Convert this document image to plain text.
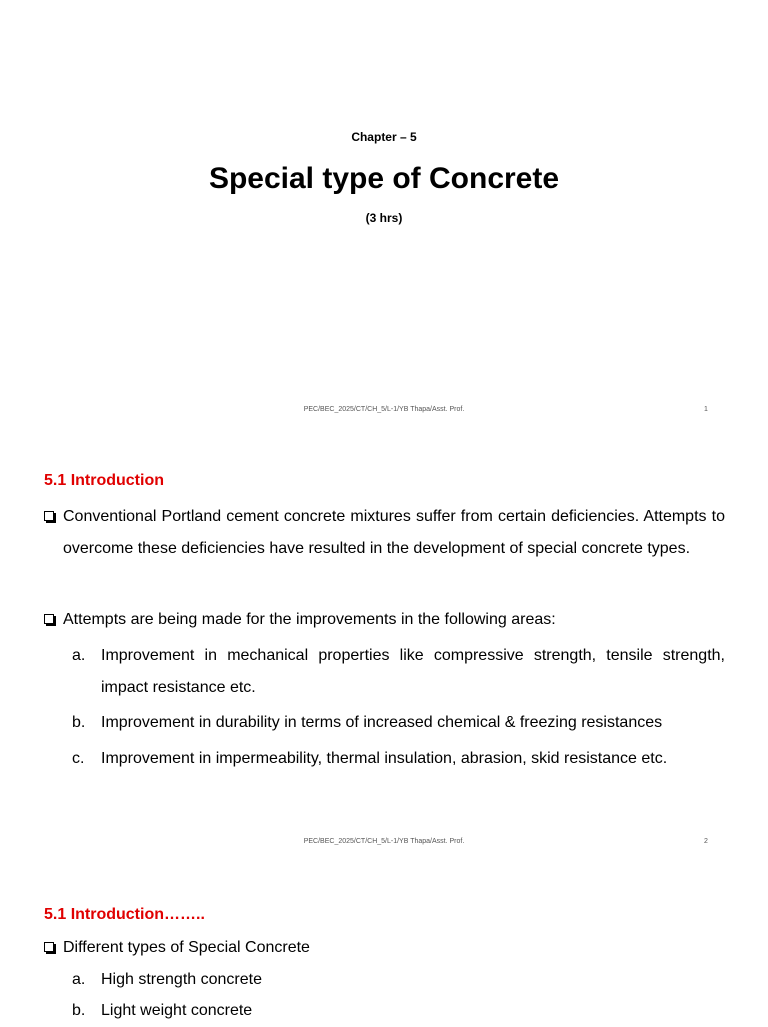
Chapter – 5
Special type of Concrete
(3 hrs)
PEC/BEC_2025/CT/CH_5/L-1/YB Thapa/Asst. Prof.	1
5.1 Introduction
Conventional Portland cement concrete mixtures suffer from certain deficiencies. Attempts to overcome these deficiencies have resulted in the development of special concrete types.
Attempts are being made for the improvements in the following areas:
a. Improvement in mechanical properties like compressive strength, tensile strength, impact resistance etc.
b. Improvement in durability in terms of increased chemical & freezing resistances
c.	Improvement in impermeability, thermal insulation, abrasion, skid resistance etc.
PEC/BEC_2025/CT/CH_5/L-1/YB Thapa/Asst. Prof.	2
5.1 Introduction……..
Different types of Special Concrete
a. High strength concrete
b. Light weight concrete
